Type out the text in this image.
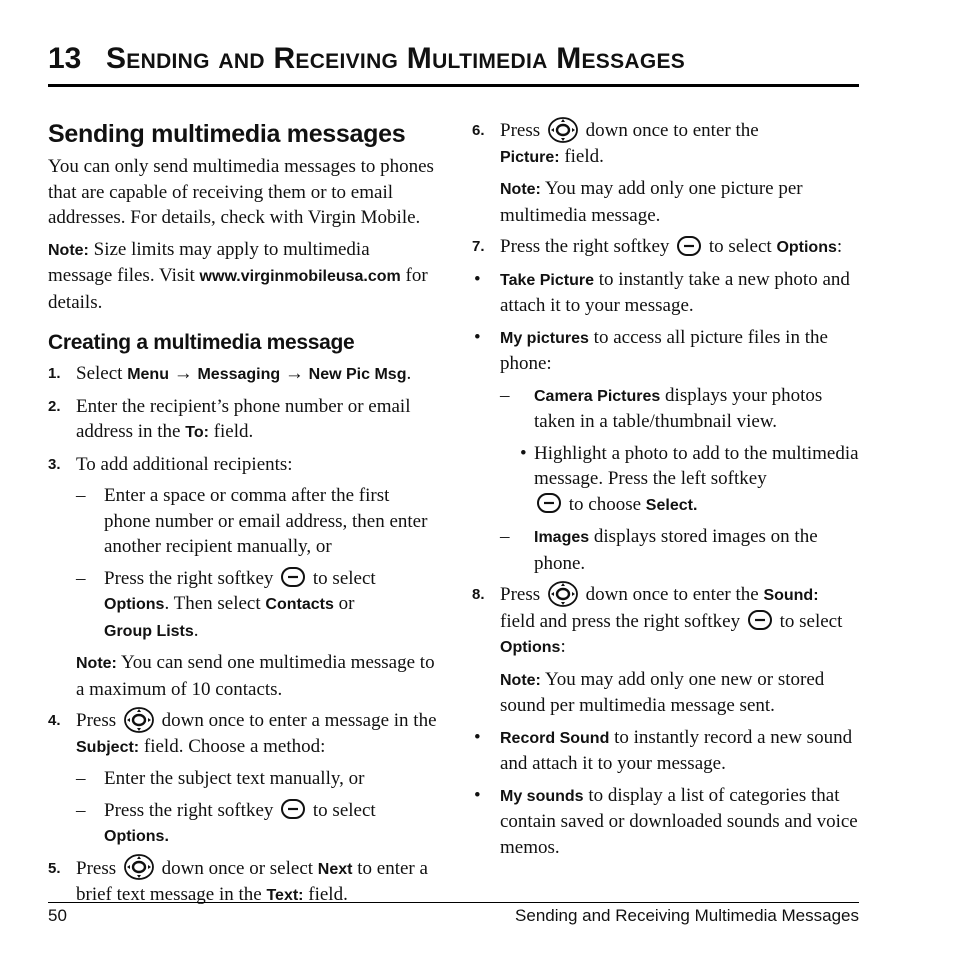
13 Sending and Receiving Multimedia Messages
Sending multimedia messages

You can only send multimedia messages to phones that are capable of receiving them or to email addresses. For details, check with Virgin Mobile.

Note: Size limits may apply to multimedia message files. Visit www.virginmobileusa.com for details.

Creating a multimedia message
1. Select Menu → Messaging → New Pic Msg.
2. Enter the recipient’s phone number or email address in the To: field.
3. To add additional recipients:
– Enter a space or comma after the first phone number or email address, then enter another recipient manually, or
– Press the right softkey to select
Options. Then select Contacts or
Group Lists.

Note: You can send one multimedia message to a maximum of 10 contacts.

4. Press down once to enter a message in the Subject: field. Choose a method:
– Enter the subject text manually, or
– Press the right softkey to select
Options.
5. Press down once or select Next to enter a brief text message in the Text: field.
6. Press down once to enter the
Picture: field.

Note: You may add only one picture per multimedia message.

7. Press the right softkey to select Options:
• Take Picture to instantly take a new photo and attach it to your message.
• My pictures to access all picture files in the phone:
– Camera Pictures displays your photos taken in a table/thumbnail view.
• Highlight a photo to add to the multimedia message. Press the left softkey
to choose Select.
– Images displays stored images on the phone.
8. Press down once to enter the Sound:
field and press the right softkey to select
Options:

Note: You may add only one new or stored sound per multimedia message sent.

• Record Sound to instantly record a new sound and attach it to your message.
• My sounds to display a list of categories that contain saved or downloaded sounds and voice memos.
50	Sending and Receiving Multimedia Messages
